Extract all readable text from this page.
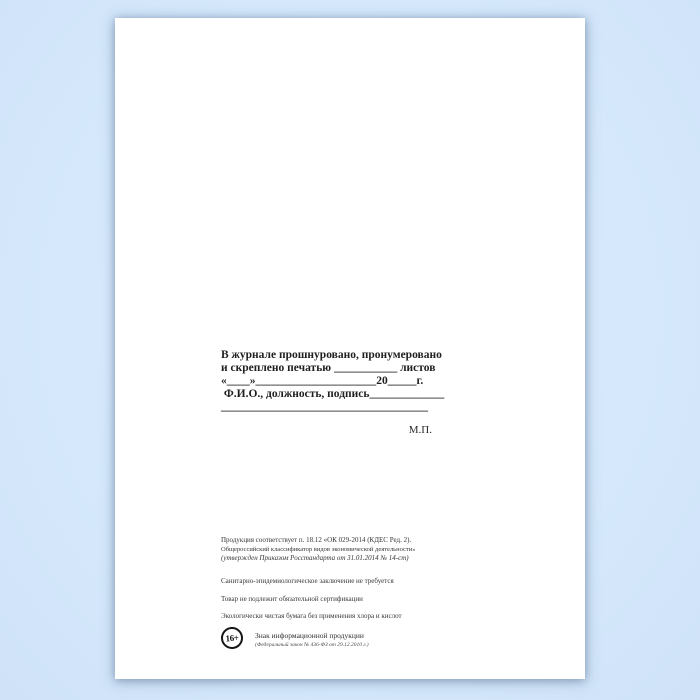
В журнале прошнуровано, пронумеровано
и скреплено печатью ___________ листов
«____»_____________________20_____г.
Ф.И.О., должность, подпись_____________
____________________________________
М.П.
Продукция соответствует п. 18.12 «ОК 029-2014 (КДЕС Ред. 2).
Общероссийский классификатор видов экономической деятельности»
(утвержден Приказом Росстандарта от 31.01.2014 № 14-ст)
Санитарно-эпидемиологическое заключение не требуется
Товар не подлежит обязательной сертификации
Экологически чистая бумага без применения хлора и кислот
16+	Знак информационной продукции
(Федеральный закон № 436-ФЗ от 29.12.2010 г.)
